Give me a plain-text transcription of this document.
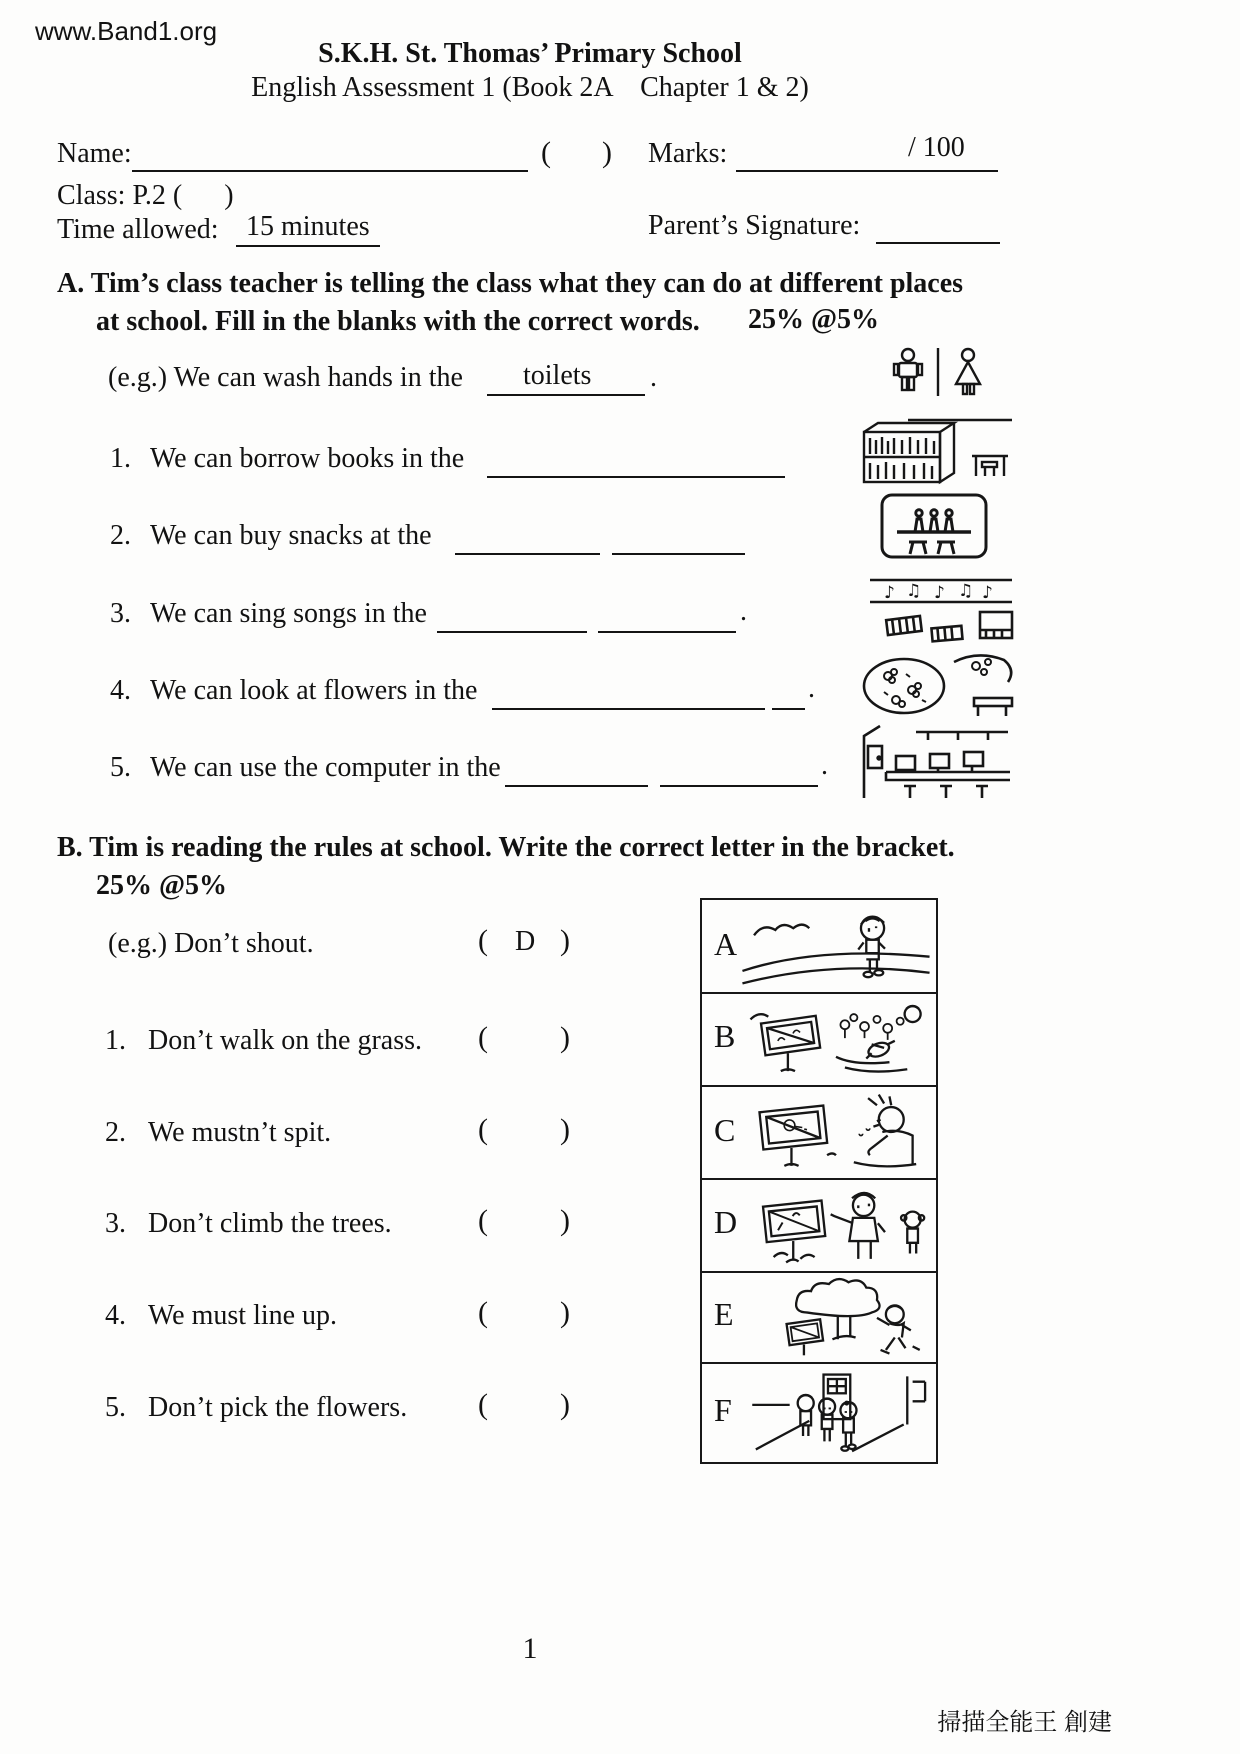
www.Band1.org
S.K.H. St. Thomas’ Primary School
English Assessment 1 (Book 2A    Chapter 1 & 2)
Name:	( ) Marks:	/ 100
Class: P.2 (      )
Time allowed: 15 minutes	Parent’s Signature:
A. Tim’s class teacher is telling the class what they can do at different places
at school. Fill in the blanks with the correct words. 25% @5%
(e.g.) We can wash hands in the toilets .
1. We can borrow books in the
2. We can buy snacks at the
3. We can sing songs in the	.
4. We can look at flowers in the	.
5. We can use the computer in the	.
♪ ♫ ♪ ♫ ♪
B. Tim is reading the rules at school. Write the correct letter in the bracket.
25% @5%
(e.g.) Don’t shout.	( D )
1. Don’t walk on the grass. ( )
2. We mustn’t spit.	( )
3. Don’t climb the trees.	( )
4. We must line up.	( )
5. Don’t pick the flowers. ( )
A
B
C
D
E
F
1
掃描全能王 創建
